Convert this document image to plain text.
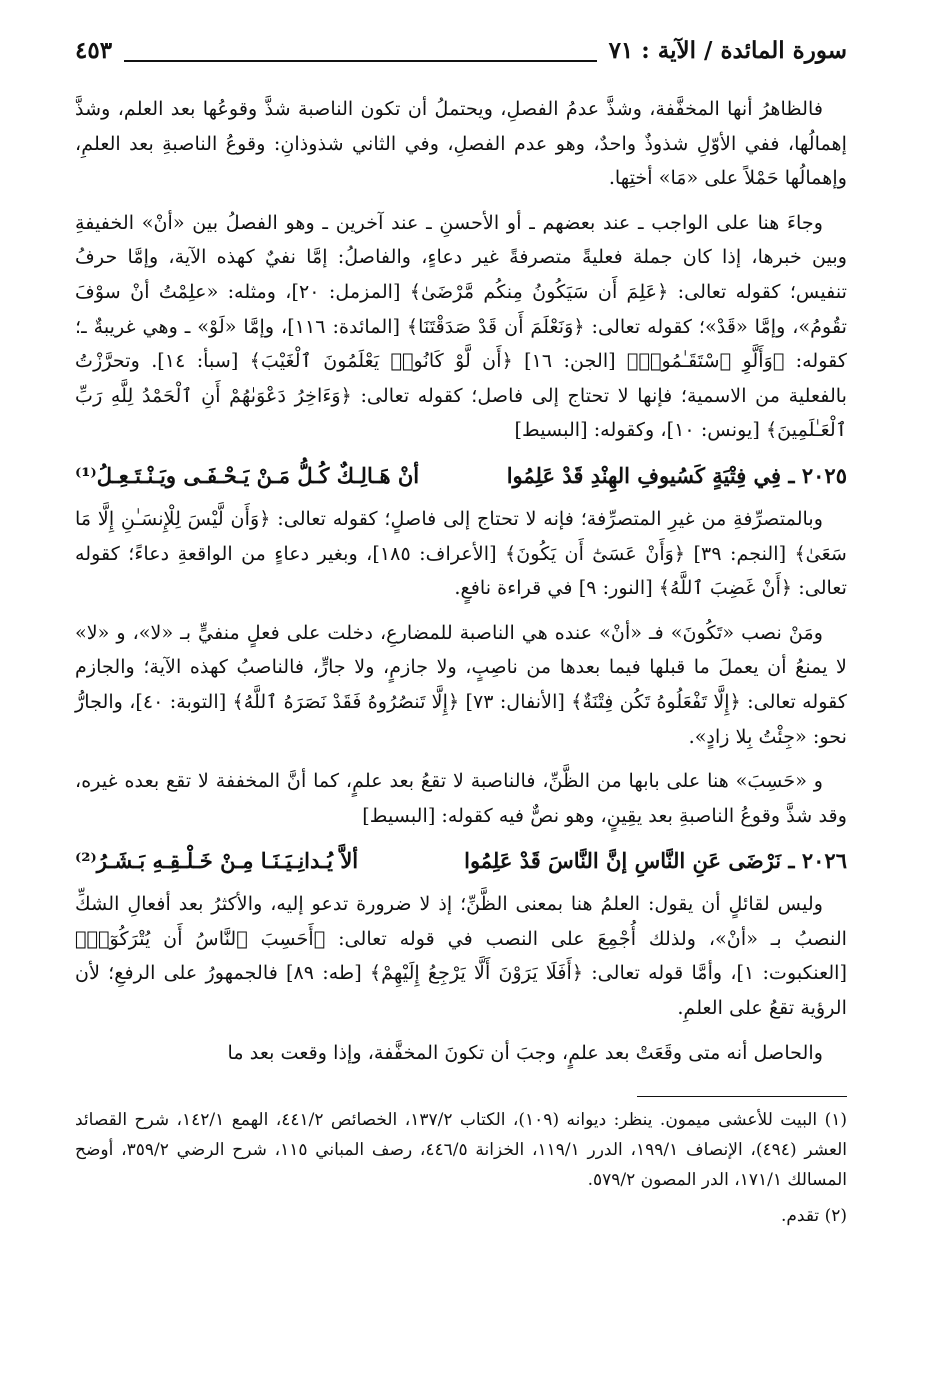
سورة المائدة / الآية : ٧١
٤٥٣

فالظاهرُ أنها المخفَّفة، وشذَّ عدمُ الفصلِ، ويحتملُ أن تكون الناصبة شذَّ وقوعُها بعد العلم، وشذَّ إهمالُها، ففي الأوّلِ شذوذٌ واحدٌ، وهو عدم الفصلِ، وفي الثاني شذوذانِ: وقوعُ الناصبةِ بعد العلمِ، وإهمالُها حَمْلاً على «مَا» أختِها.

وجاءَ هنا على الواجب ـ عند بعضهم ـ أو الأحسنِ ـ عند آخرين ـ وهو الفصلُ بين «أنْ» الخفيفةِ وبين خبرها، إذا كان جملة فعليةً متصرفةً غير دعاءٍ، والفاصلُ: إمَّا نفيٌ كهذه الآية، وإمَّا حرفُ تنفيس؛ كقوله تعالى: ﴿عَلِمَ أَن سَيَكُونُ مِنكُم مَّرْضَىٰ﴾ [المزمل: ٢٠]، ومثله: «علِمْتُ أنْ سوْفَ تقُومُ»، وإمَّا «قَدْ»؛ كقوله تعالى: ﴿وَنَعْلَمَ أَن قَدْ صَدَقْتَنَا﴾ [المائدة: ١١٦]، وإمَّا «لَوْ» ـ وهي غريبةٌ ـ؛ كقوله: ﴿وَأَلَّوِ ٱسْتَقَـٰمُوا۟﴾ [الجن: ١٦] ﴿أَن لَّوْ كَانُوا۟ يَعْلَمُونَ ٱلْغَيْبَ﴾ [سبأ: ١٤]. وتحرَّزْتُ بالفعلية من الاسمية؛ فإنها لا تحتاج إلى فاصل؛ كقوله تعالى: ﴿وَءَاخِرُ دَعْوَىٰهُمْ أَنِ ٱلْحَمْدُ لِلَّهِ رَبِّ ٱلْعَـٰلَمِينَ﴾ [يونس: ١٠]، وكقوله: [البسيط]

٢٠٢٥ ـ فِي فِتْيَةٍ كَسُيوفِ الهِنْدِ قَدْ عَلِمُوا
أنْ هَـالِـكٌ كُـلُّ مَـنْ يَـحْـفَـى ويَـنْـتَـعِـلُ⁽¹⁾

وبالمتصرِّفةِ من غيرِ المتصرِّفة؛ فإنه لا تحتاج إلى فاصلٍ؛ كقوله تعالى: ﴿وَأَن لَّيْسَ لِلْإِنسَـٰنِ إِلَّا مَا سَعَىٰ﴾ [النجم: ٣٩] ﴿وَأَنْ عَسَىٰٓ أَن يَكُونَ﴾ [الأعراف: ١٨٥]، وبغير دعاءٍ من الواقعةِ دعاءً؛ كقوله تعالى: ﴿أَنْ غَضِبَ ٱللَّهُ﴾ [النور: ٩] في قراءة نافعٍ.

ومَنْ نصب «تَكُونَ» فـ «أنْ» عنده هي الناصبة للمضارعِ، دخلت على فعلٍ منفيٍّ بـ «لا»، و «لا» لا يمنعُ أن يعملَ ما قبلها فيما بعدها من ناصِبٍ، ولا جازمٍ، ولا جارٍّ، فالناصبُ كهذه الآية؛ والجازم كقوله تعالى: ﴿إِلَّا تَفْعَلُوهُ تَكُن فِتْنَةٌ﴾ [الأنفال: ٧٣] ﴿إِلَّا تَنصُرُوهُ فَقَدْ نَصَرَهُ ٱللَّهُ﴾ [التوبة: ٤٠]، والجارُّ نحو: «جِئْتُ بِلا زادٍ».

و «حَسِبَ» هنا على بابها من الظَّنِّ، فالناصبة لا تقعُ بعد علمٍ، كما أنَّ المخففة لا تقع بعده غيره، وقد شذَّ وقوعُ الناصبةِ بعد يقِينٍ، وهو نصٌّ فيه كقوله: [البسيط]

٢٠٢٦ ـ نَرْضَى عَنِ النَّاسِ إنَّ النَّاسَ قَدْ عَلِمُوا
ألاَّ يُـدانِـيَـنَـا مِـنْ خَـلْـقِـهِ بَـشَـرُ⁽²⁾

وليس لقائلٍ أن يقول: العلمُ هنا بمعنى الظَّنِّ؛ إذ لا ضرورة تدعو إليه، والأكثرُ بعد أفعالِ الشكِّ النصبُ بـ «أنْ»، ولذلك أُجْمِعَ على النصب في قوله تعالى: ﴿أَحَسِبَ ٱلنَّاسُ أَن يُتْرَكُوٓا۟﴾ [العنكبوت: ١]، وأمَّا قوله تعالى: ﴿أَفَلَا يَرَوْنَ أَلَّا يَرْجِعُ إِلَيْهِمْ﴾ [طه: ٨٩] فالجمهورُ على الرفعِ؛ لأن الرؤية تقعُ على العلمِ.

والحاصل أنه متى وقَعَتْ بعد علمٍ، وجبَ أن تكونَ المخفَّفة، وإذا وقعت بعد ما

(١) البيت للأعشى ميمون. ينظر: ديوانه (١٠٩)، الكتاب ١٣٧/٢، الخصائص ٤٤١/٢، الهمع ١٤٢/١، شرح القصائد العشر (٤٩٤)، الإنصاف ١٩٩/١، الدرر ١١٩/١، الخزانة ٤٤٦/٥، رصف المباني ١١٥، شرح الرضي ٣٥٩/٢، أوضح المسالك ١٧١/١، الدر المصون ٥٧٩/٢.

(٢) تقدم.
